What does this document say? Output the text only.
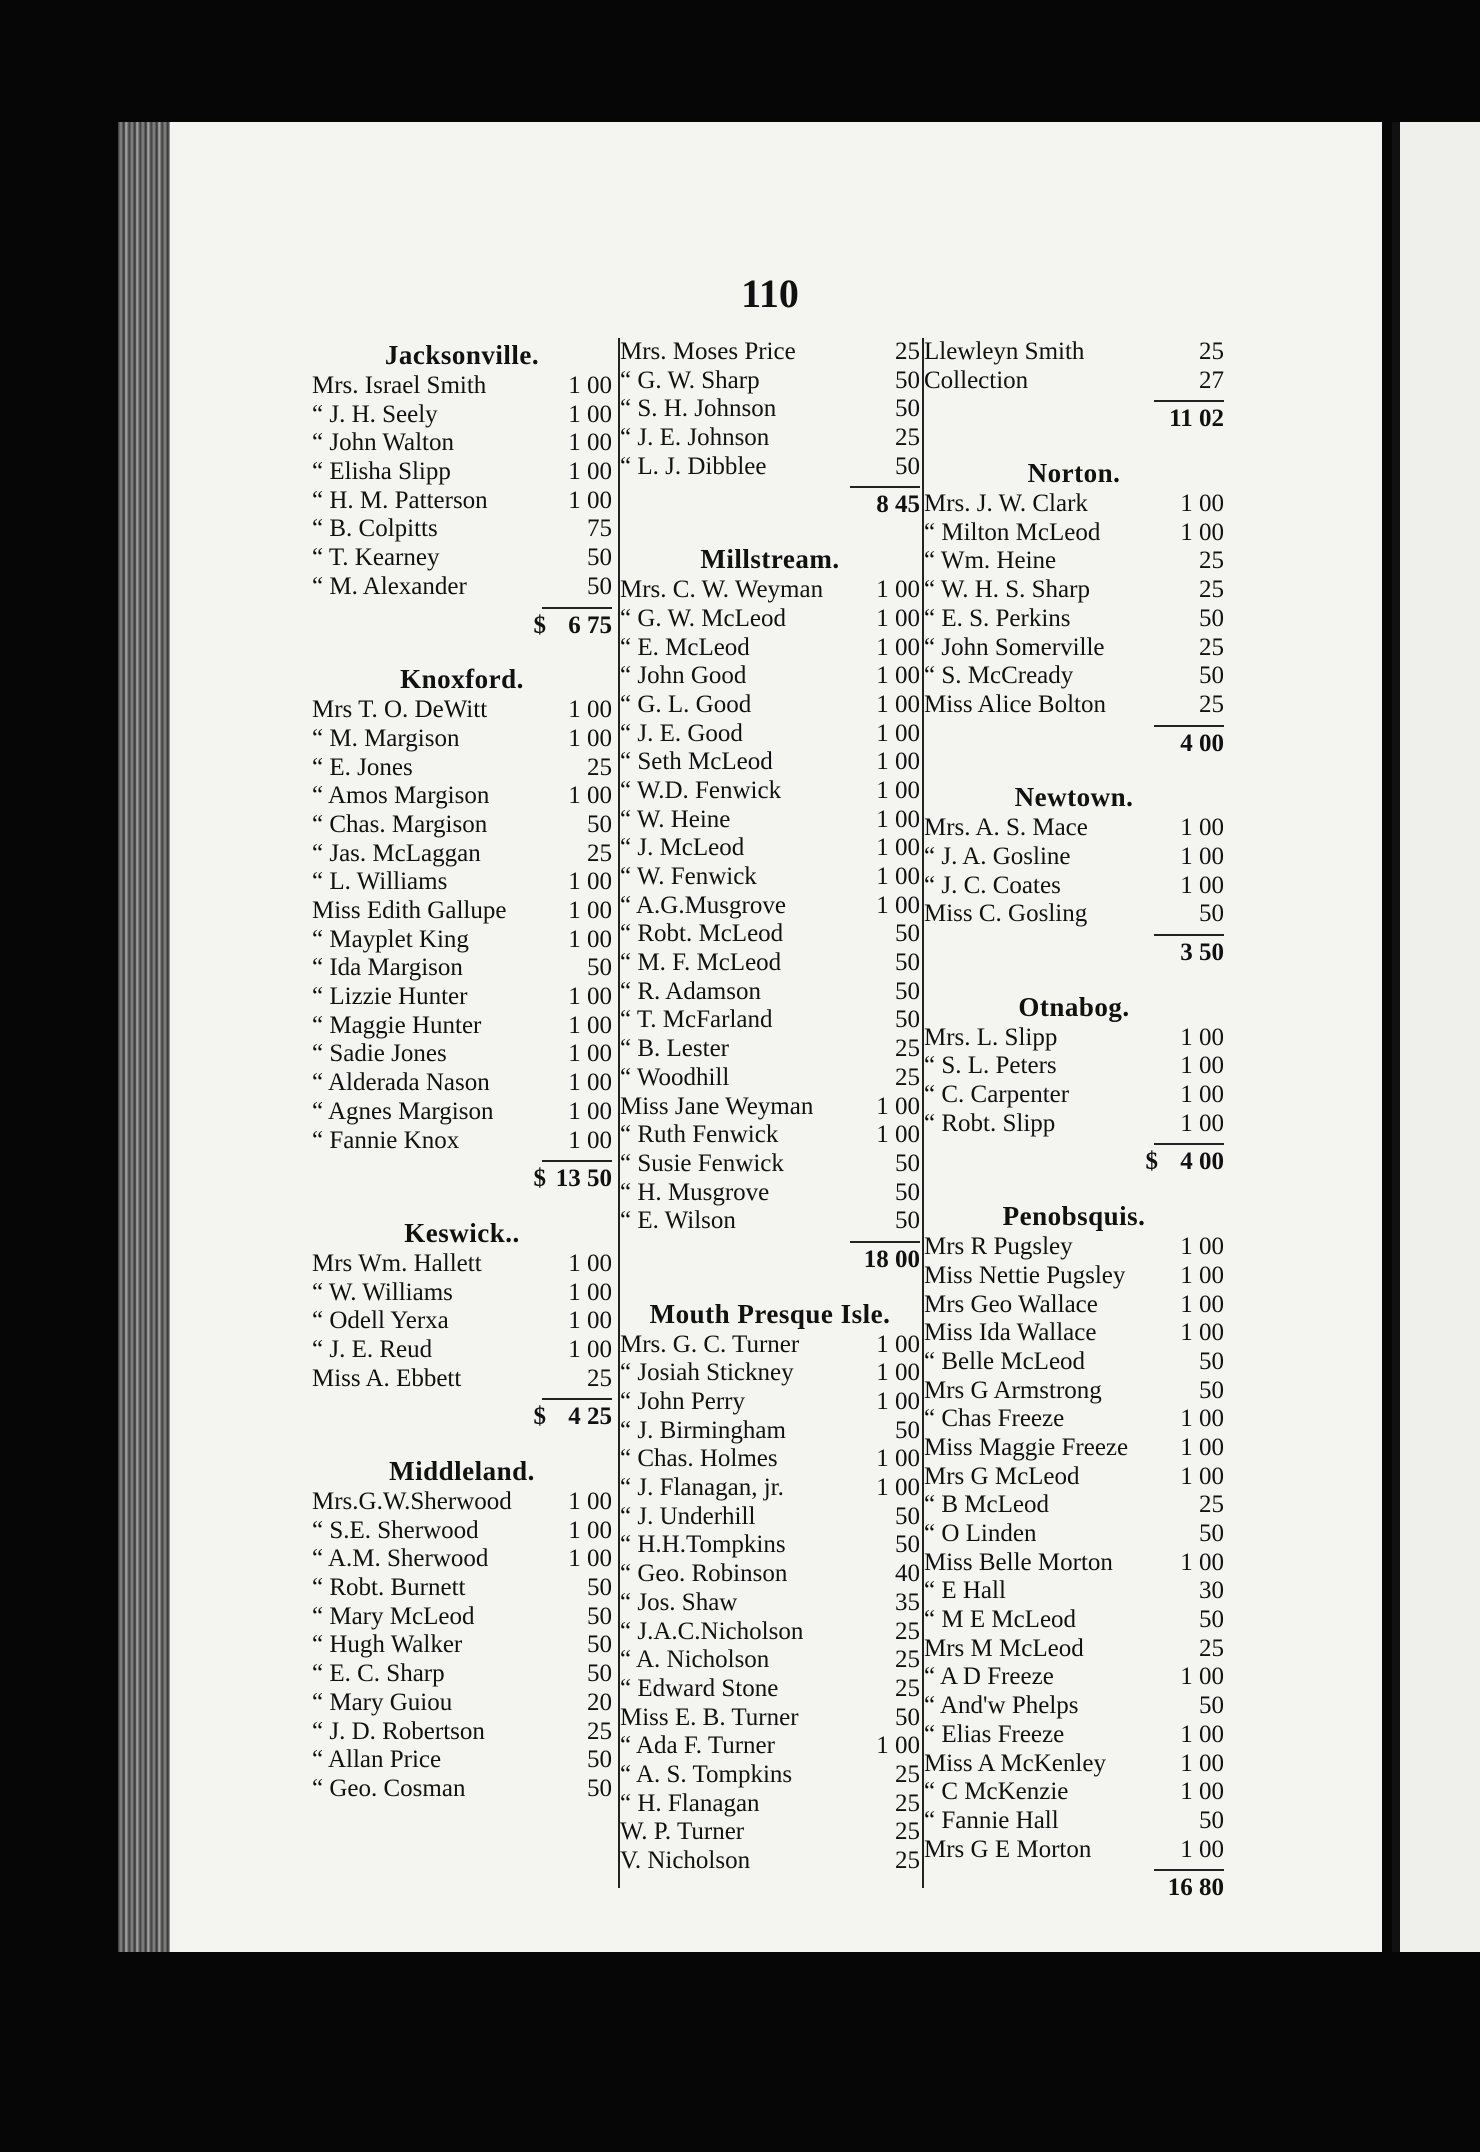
110
Jacksonville.
Mrs. Israel Smith	1 00
“ J. H. Seely	1 00
“ John Walton	1 00
“ Elisha Slipp	1 00
“ H. M. Patterson	1 00
“ B. Colpitts	75
“ T. Kearney	50
“ M. Alexander	50
$ 6 75
Knoxford.
Mrs T. O. DeWitt	1 00
“ M. Margison	1 00
“ E. Jones	25
“ Amos Margison	1 00
“ Chas. Margison	50
“ Jas. McLaggan	25
“ L. Williams	1 00
Miss Edith Gallupe	1 00
“ Mayplet King	1 00
“ Ida Margison	50
“ Lizzie Hunter	1 00
“ Maggie Hunter	1 00
“ Sadie Jones	1 00
“ Alderada Nason	1 00
“ Agnes Margison	1 00
“ Fannie Knox	1 00
$ 13 50
Keswick..
Mrs Wm. Hallett	1 00
“ W. Williams	1 00
“ Odell Yerxa	1 00
“ J. E. Reud	1 00
Miss A. Ebbett	25
$ 4 25
Middleland.
Mrs.G.W.Sherwood	1 00
“ S.E. Sherwood	1 00
“ A.M. Sherwood	1 00
“ Robt. Burnett	50
“ Mary McLeod	50
“ Hugh Walker	50
“ E. C. Sharp	50
“ Mary Guiou	20
“ J. D. Robertson	25
“ Allan Price	50
“ Geo. Cosman	50
Mrs. Moses Price	25
“ G. W. Sharp	50
“ S. H. Johnson	50
“ J. E. Johnson	25
“ L. J. Dibblee	50
8 45
Millstream.
Mrs. C. W. Weyman	1 00
“ G. W. McLeod	1 00
“ E. McLeod	1 00
“ John Good	1 00
“ G. L. Good	1 00
“ J. E. Good	1 00
“ Seth McLeod	1 00
“ W.D. Fenwick	1 00
“ W. Heine	1 00
“ J. McLeod	1 00
“ W. Fenwick	1 00
“ A.G.Musgrove	1 00
“ Robt. McLeod	50
“ M. F. McLeod	50
“ R. Adamson	50
“ T. McFarland	50
“ B. Lester	25
“ Woodhill	25
Miss Jane Weyman	1 00
“ Ruth Fenwick	1 00
“ Susie Fenwick	50
“ H. Musgrove	50
“ E. Wilson	50
18 00
Mouth Presque Isle.
Mrs. G. C. Turner	1 00
“ Josiah Stickney	1 00
“ John Perry	1 00
“ J. Birmingham	50
“ Chas. Holmes	1 00
“ J. Flanagan, jr.	1 00
“ J. Underhill	50
“ H.H.Tompkins	50
“ Geo. Robinson	40
“ Jos. Shaw	35
“ J.A.C.Nicholson	25
“ A. Nicholson	25
“ Edward Stone	25
Miss E. B. Turner	50
“ Ada F. Turner	1 00
“ A. S. Tompkins	25
“ H. Flanagan	25
W. P. Turner	25
V. Nicholson	25
Llewleyn Smith	25
Collection	27
11 02
Norton.
Mrs. J. W. Clark	1 00
“ Milton McLeod	1 00
“ Wm. Heine	25
“ W. H. S. Sharp	25
“ E. S. Perkins	50
“ John Somerville	25
“ S. McCready	50
Miss Alice Bolton	25
4 00
Newtown.
Mrs. A. S. Mace	1 00
“ J. A. Gosline	1 00
“ J. C. Coates	1 00
Miss C. Gosling	50
3 50
Otnabog.
Mrs. L. Slipp	1 00
“ S. L. Peters	1 00
“ C. Carpenter	1 00
“ Robt. Slipp	1 00
$ 4 00
Penobsquis.
Mrs R Pugsley	1 00
Miss Nettie Pugsley	1 00
Mrs Geo Wallace	1 00
Miss Ida Wallace	1 00
“ Belle McLeod	50
Mrs G Armstrong	50
“ Chas Freeze	1 00
Miss Maggie Freeze	1 00
Mrs G McLeod	1 00
“ B McLeod	25
“ O Linden	50
Miss Belle Morton	1 00
“ E Hall	30
“ M E McLeod	50
Mrs M McLeod	25
“ A D Freeze	1 00
“ And'w Phelps	50
“ Elias Freeze	1 00
Miss A McKenley	1 00
“ C McKenzie	1 00
“ Fannie Hall	50
Mrs G E Morton	1 00
16 80
